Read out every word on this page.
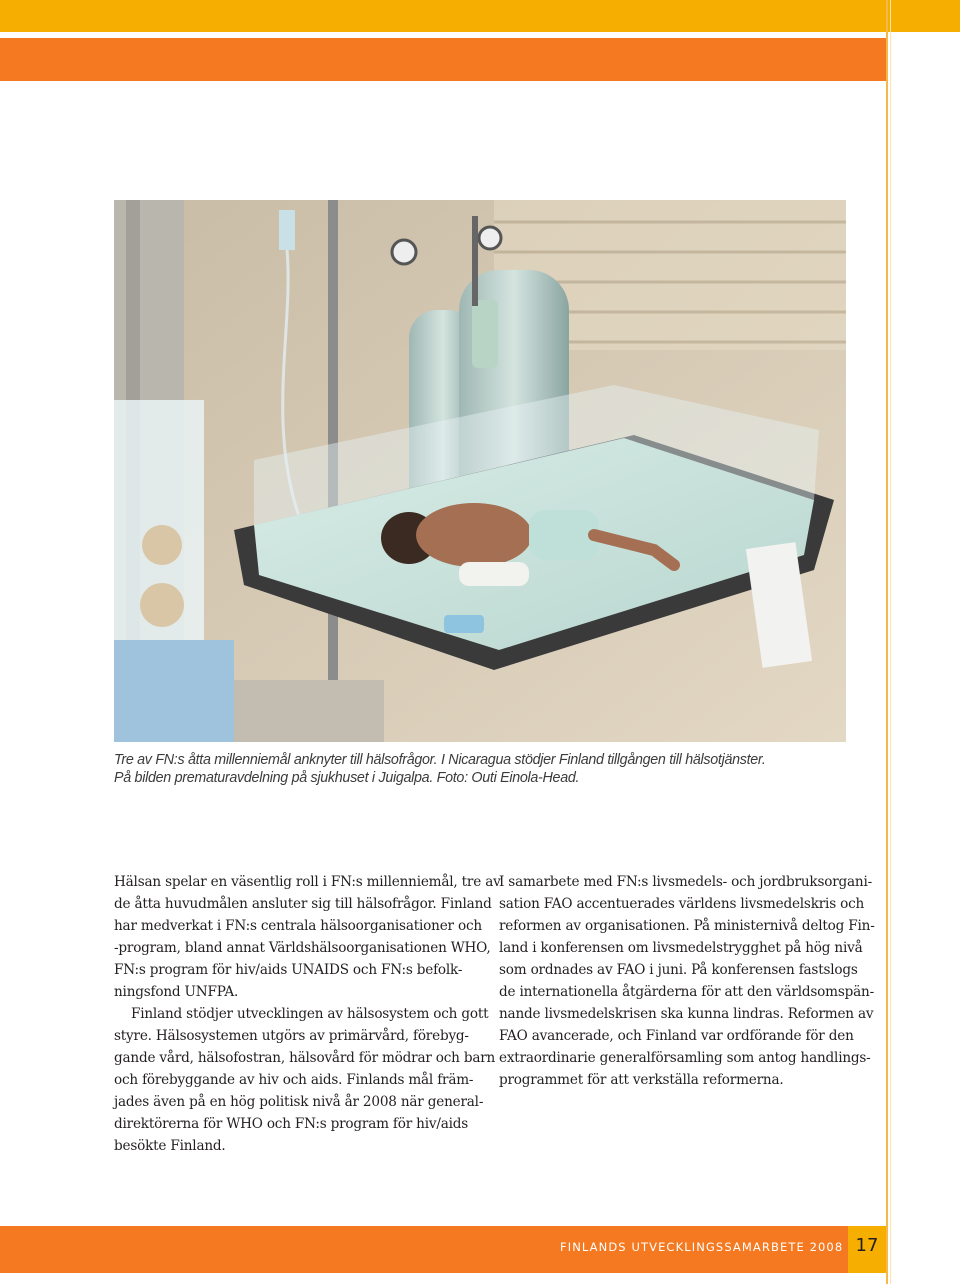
Tre av FN:s åtta millenniemål anknyter till hälsofrågor. I Nicaragua stödjer Finland tillgången till hälsotjänster.
På bilden prematuravdelning på sjukhuset i Juigalpa. Foto: Outi Einola-Head.

Hälsan spelar en väsentlig roll i FN:s millenniemål, tre av
de åtta huvudmålen ansluter sig till hälsofrågor. Finland
har medverkat i FN:s centrala hälsoorganisationer och
-program, bland annat Världshälsoorganisationen WHO,
FN:s program för hiv/aids UNAIDS och FN:s befolk-
ningsfond UNFPA.
Finland stödjer utvecklingen av hälsosystem och gott
styre. Hälsosystemen utgörs av primärvård, förebyg-
gande vård, hälsofostran, hälsovård för mödrar och barn
och förebyggande av hiv och aids. Finlands mål främ-
jades även på en hög politisk nivå år 2008 när general-
direktörerna för WHO och FN:s program för hiv/aids
besökte Finland.
I samarbete med FN:s livsmedels- och jordbruksorgani-
sation FAO accentuerades världens livsmedelskris och
reformen av organisationen. På ministernivå deltog Fin-
land i konferensen om livsmedelstrygghet på hög nivå
som ordnades av FAO i juni. På konferensen fastslogs
de internationella åtgärderna för att den världsomspän-
nande livsmedelskrisen ska kunna lindras. Reformen av
FAO avancerade, och Finland var ordförande för den
extraordinarie generalförsamling som antog handlings-
programmet för att verkställa reformerna.

FINLANDS UTVECKLINGSSAMARBETE 2008 17
